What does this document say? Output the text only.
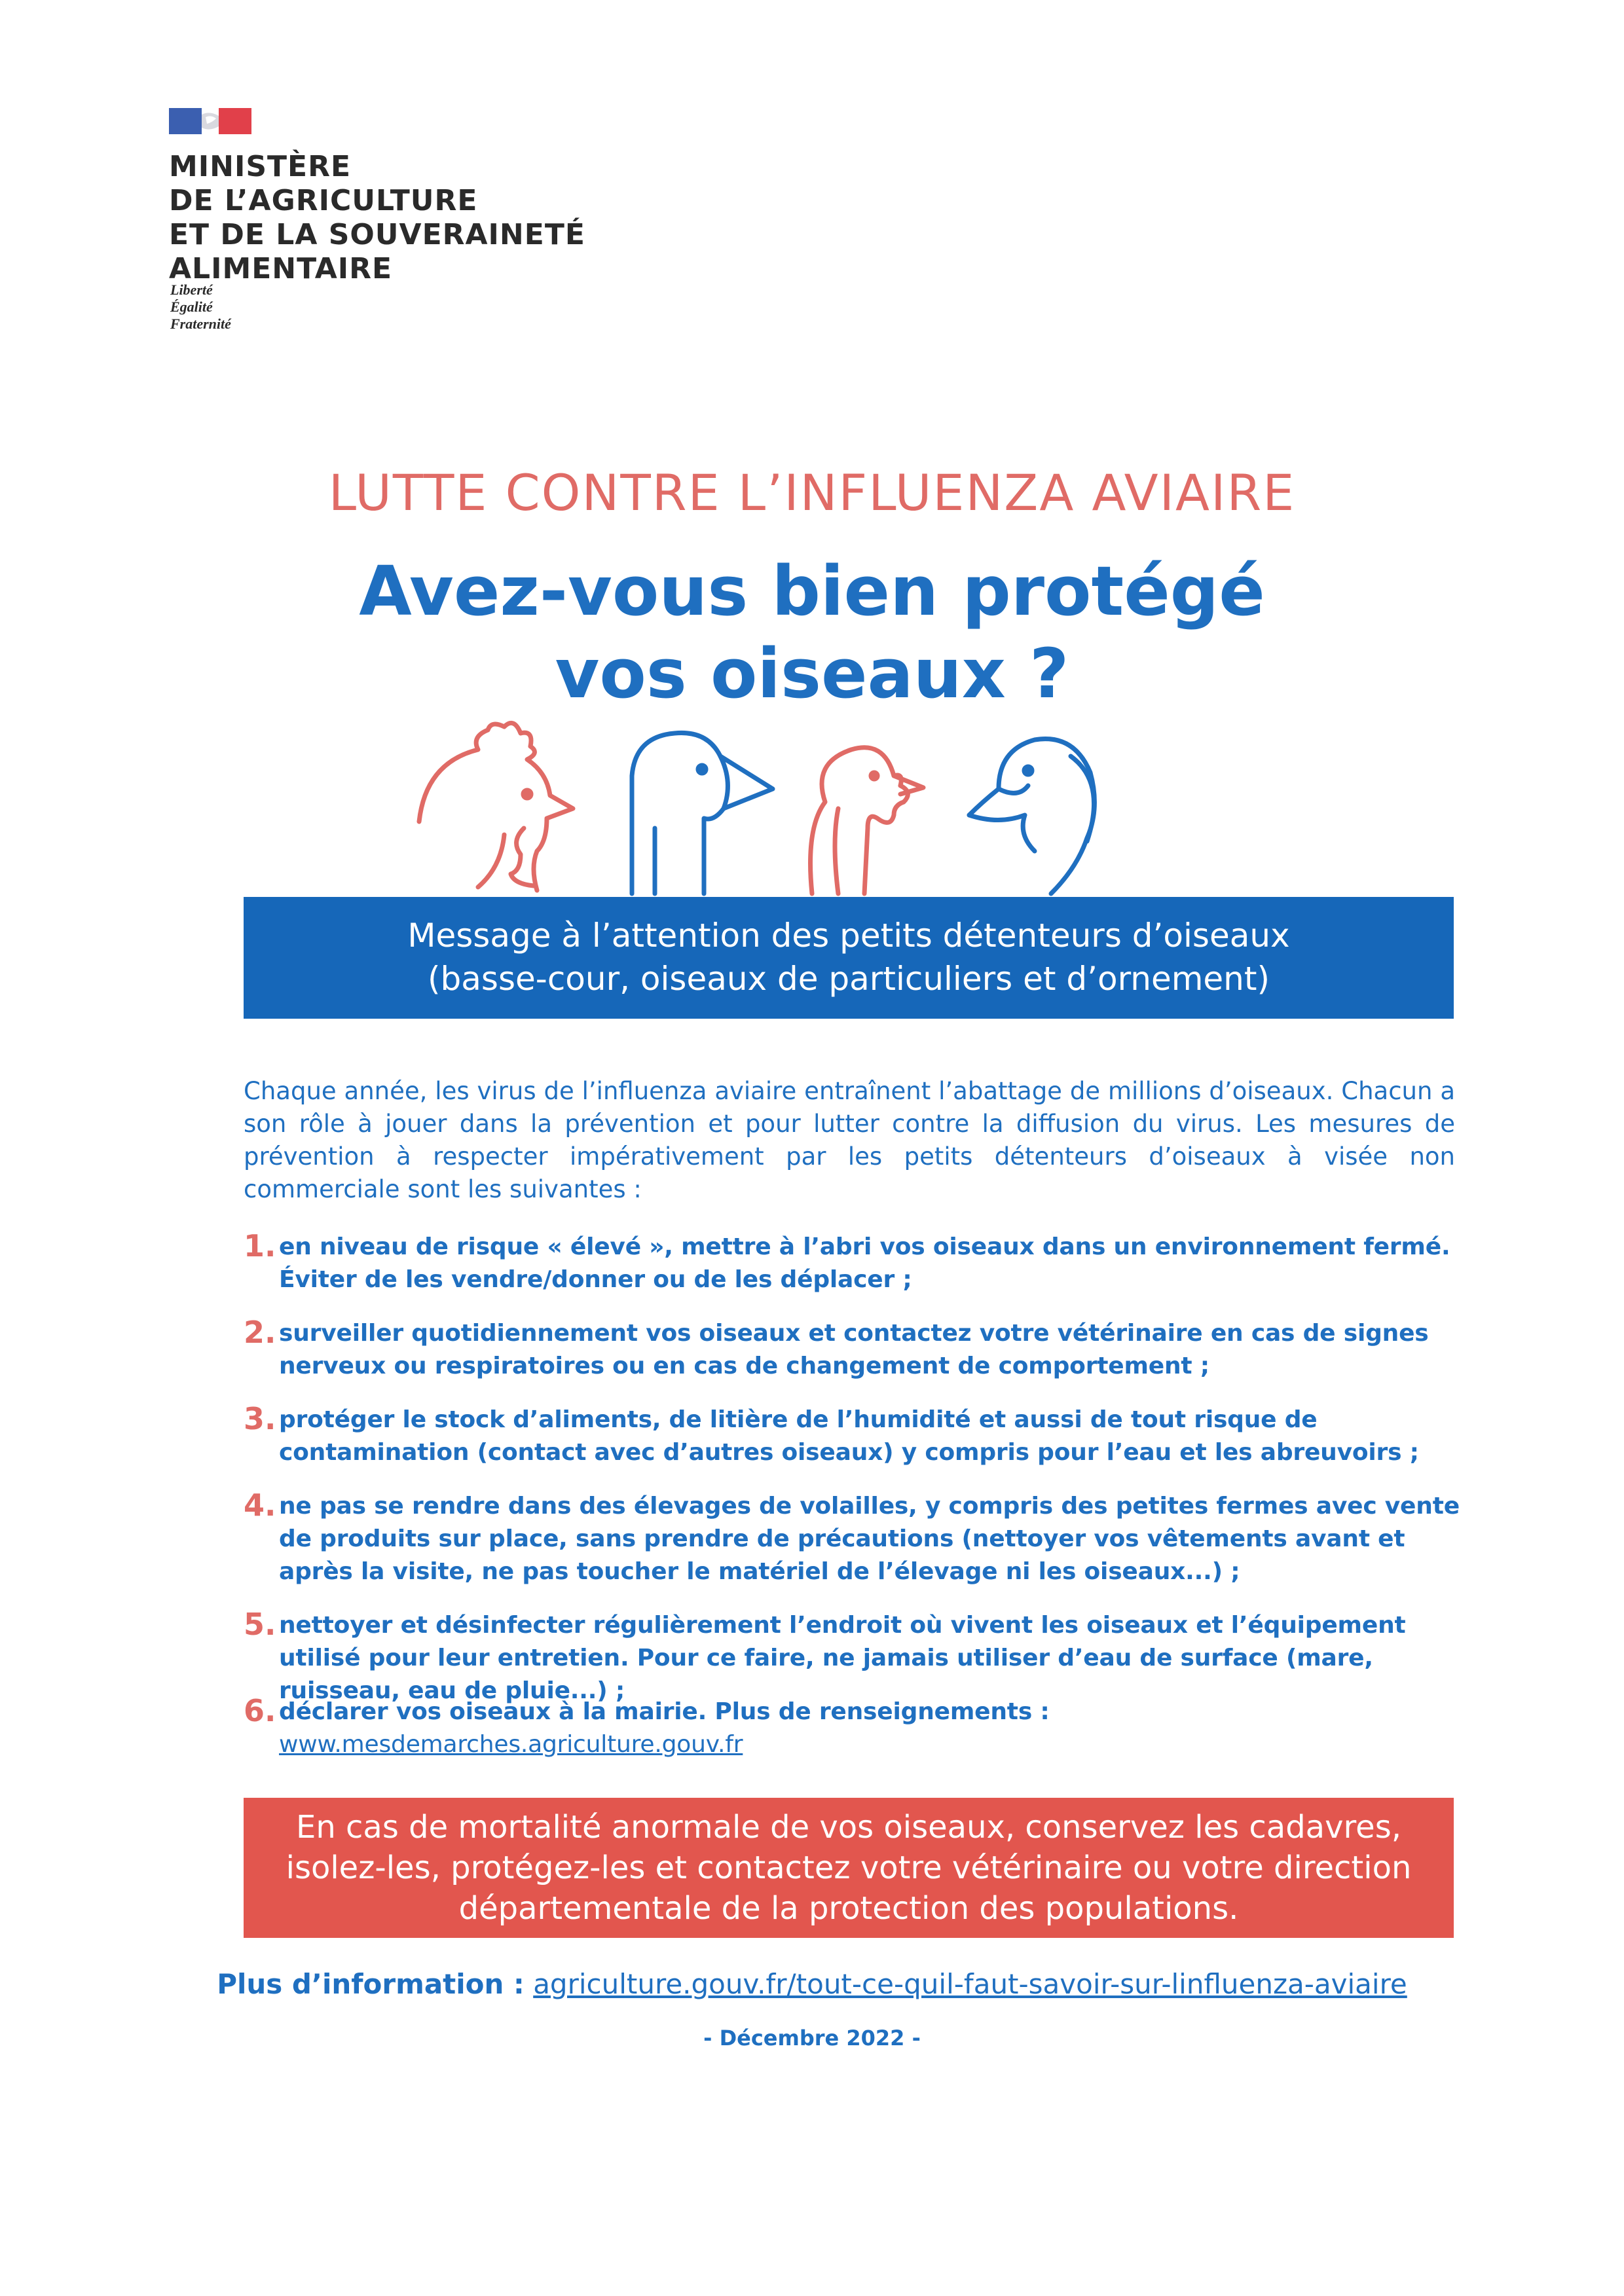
MINISTÈRE
DE L’AGRICULTURE
ET DE LA SOUVERAINETÉ
ALIMENTAIRE
Liberté
Égalité
Fraternité
LUTTE CONTRE L’INFLUENZA AVIAIRE
Avez-vous bien protégé
vos oiseaux ?
Message à l’attention des petits détenteurs d’oiseaux
(basse-cour, oiseaux de particuliers et d’ornement)
Chaque année, les virus de l’influenza aviaire entraînent l’abattage de millions d’oiseaux. Chacun a son rôle à jouer dans la prévention et pour lutter contre la diffusion du virus. Les mesures de prévention à respecter impérativement par les petits détenteurs d’oiseaux à visée non commerciale sont les suivantes :
1. en niveau de risque « élevé », mettre à l’abri vos oiseaux dans un environnement fermé. Éviter de les vendre/donner ou de les déplacer ;
2. surveiller quotidiennement vos oiseaux et contactez votre vétérinaire en cas de signes nerveux ou respiratoires ou en cas de changement de comportement ;
3. protéger le stock d’aliments, de litière de l’humidité et aussi de tout risque de contamination (contact avec d’autres oiseaux) y compris pour l’eau et les abreuvoirs ;
4. ne pas se rendre dans des élevages de volailles, y compris des petites fermes avec vente de produits sur place, sans prendre de précautions (nettoyer vos vêtements avant et après la visite, ne pas toucher le matériel de l’élevage ni les oiseaux...) ;
5. nettoyer et désinfecter régulièrement l’endroit où vivent les oiseaux et l’équipement utilisé pour leur entretien. Pour ce faire, ne jamais utiliser d’eau de surface (mare, ruisseau, eau de pluie...) ;
6. déclarer vos oiseaux à la mairie. Plus de renseignements : www.mesdemarches.agriculture.gouv.fr
En cas de mortalité anormale de vos oiseaux, conservez les cadavres,
isolez-les, protégez-les et contactez votre vétérinaire ou votre direction
départementale de la protection des populations.
Plus d’information : agriculture.gouv.fr/tout-ce-quil-faut-savoir-sur-linfluenza-aviaire
- Décembre 2022 -
